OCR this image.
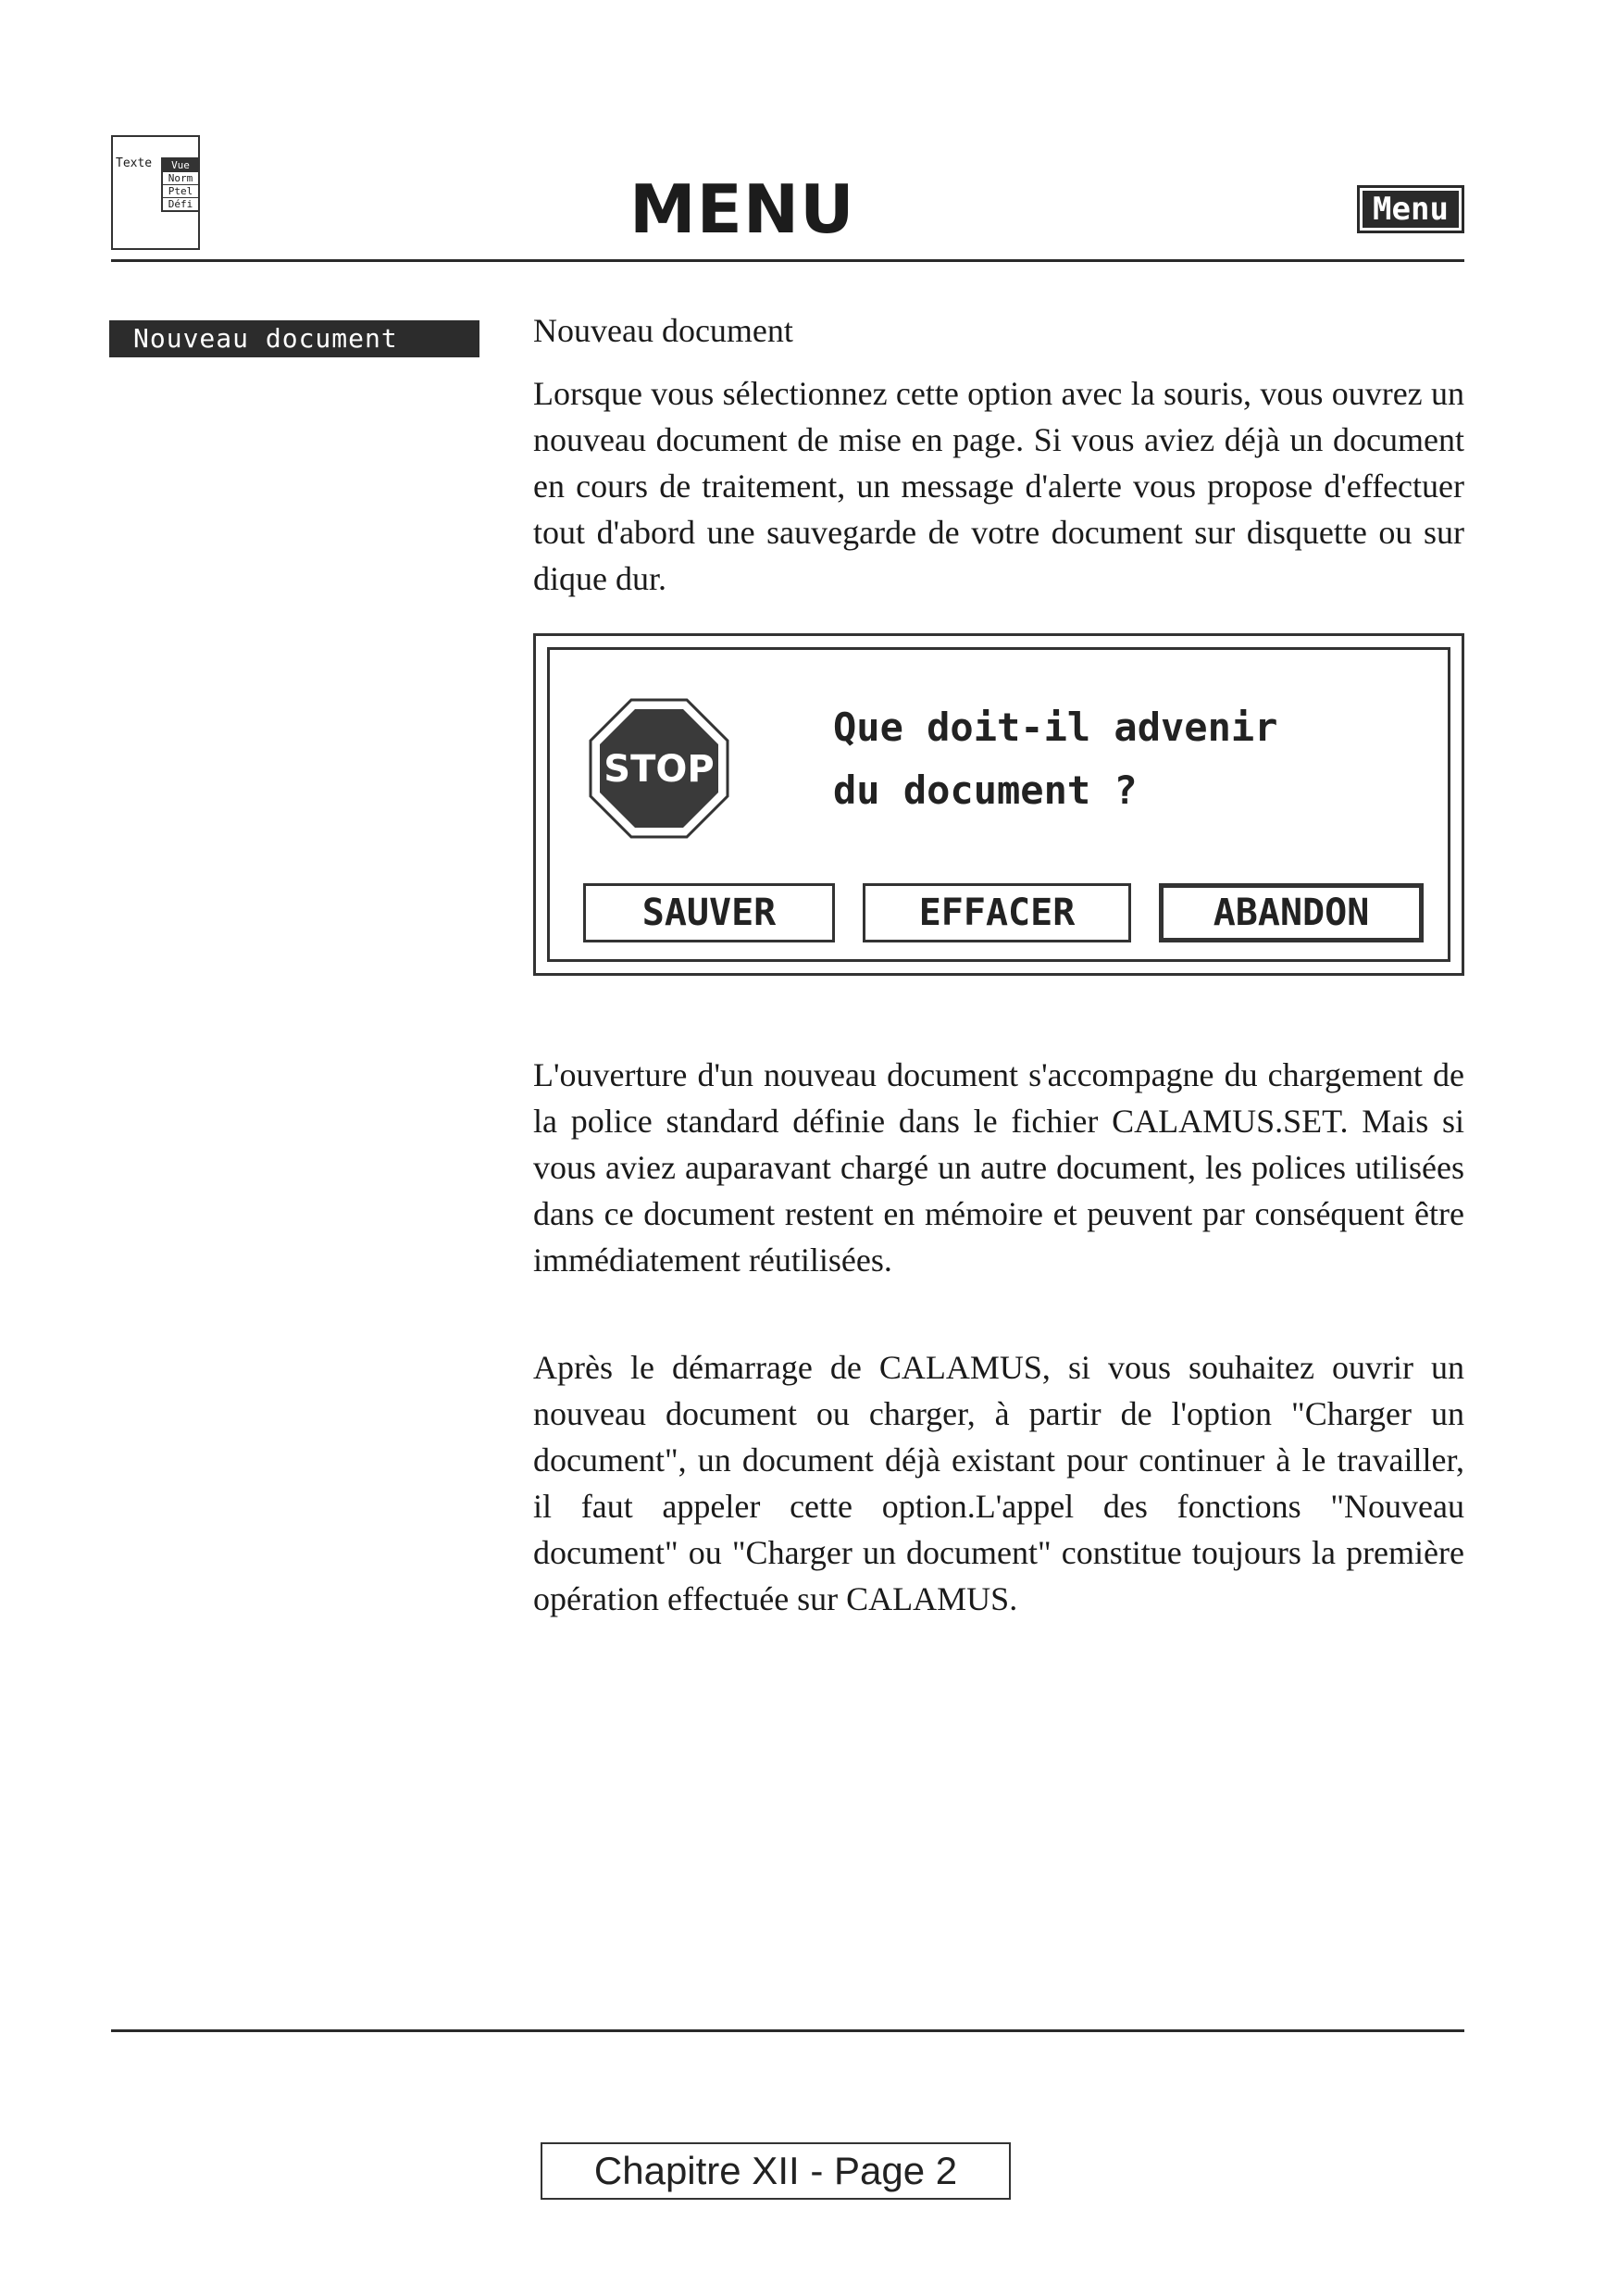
Texte	Vue
Norm
Ptel
Défi	MENU	Menu
Nouveau document	Nouveau document
Lorsque vous sélectionnez cette option avec la souris, vous ouvrez un nouveau document de mise en page. Si vous aviez déjà un document en cours de traitement, un message d'alerte vous propose d'effectuer tout d'abord une sauvegarde de votre document sur disquette ou sur dique dur.
STOP
Que doit-il advenir
du document ?
SAUVER	EFFACER	ABANDON
L'ouverture d'un nouveau document s'accompagne du chargement de la police standard définie dans le fichier CALAMUS.SET. Mais si vous aviez auparavant chargé un autre document, les polices utilisées dans ce document restent en mémoire et peuvent par conséquent être immédiatement réutilisées.
Après le démarrage de CALAMUS, si vous souhaitez ouvrir un nouveau document ou charger, à partir de l'option "Charger un document", un document déjà existant pour continuer à le travailler, il faut appeler cette option.L'appel des fonctions "Nouveau document" ou "Charger un document" constitue toujours la première opération effectuée sur CALAMUS.
Chapitre XII - Page 2
